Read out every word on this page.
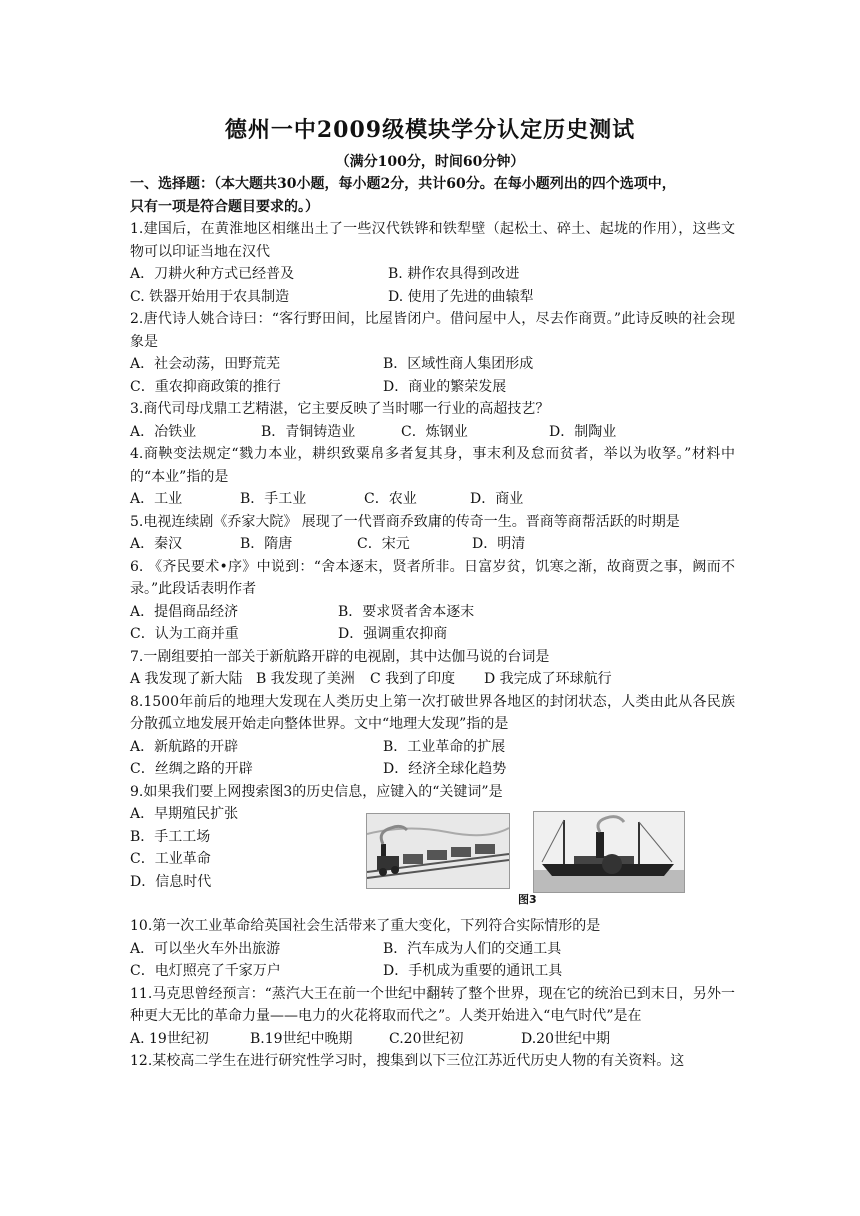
德州一中2009级模块学分认定历史测试
（满分100分，时间60分钟）
一、选择题：（本大题共30小题，每小题2分，共计60分。在每小题列出的四个选项中，
只有一项是符合题目要求的。）
1.建国后，在黄淮地区相继出土了一些汉代铁铧和铁犁壁（起松土、碎土、起垅的作用），这些文物可以印证当地在汉代
A．刀耕火种方式已经普及	B. 耕作农具得到改进
C. 铁器开始用于农具制造	D. 使用了先进的曲辕犁
2.唐代诗人姚合诗曰：“客行野田间，比屋皆闭户。借问屋中人，尽去作商贾。”此诗反映的社会现象是
A．社会动荡，田野荒芜	B．区域性商人集团形成
C．重农抑商政策的推行	D．商业的繁荣发展
3.商代司母戊鼎工艺精湛，它主要反映了当时哪一行业的高超技艺？
A．冶铁业	B．青铜铸造业	C．炼钢业	D．制陶业
4.商鞅变法规定“戮力本业，耕织致粟帛多者复其身，事末利及怠而贫者，举以为收孥。”材料中的“本业”指的是
A．工业	B．手工业	C．农业	D．商业
5.电视连续剧《乔家大院》 展现了一代晋商乔致庸的传奇一生。晋商等商帮活跃的时期是
A．秦汉	B．隋唐	C．宋元	D．明清
6. 《齐民要术•序》中说到：“舍本逐末，贤者所非。日富岁贫，饥寒之渐，故商贾之事，阙而不录。”此段话表明作者
A．提倡商品经济	B．要求贤者舍本逐末
C．认为工商并重	D．强调重农抑商
7.一剧组要拍一部关于新航路开辟的电视剧，其中达伽马说的台词是
A 我发现了新大陆 B 我发现了美洲	C 我到了印度	D 我完成了环球航行
8.1500年前后的地理大发现在人类历史上第一次打破世界各地区的封闭状态，人类由此从各民族分散孤立地发展开始走向整体世界。文中“地理大发现”指的是
A．新航路的开辟	B．工业革命的扩展
C．丝绸之路的开辟	D．经济全球化趋势
9.如果我们要上网搜索图3的历史信息，应键入的“关键词”是
A．早期殖民扩张
B．手工工场
C．工业革命
D．信息时代
图3
10.第一次工业革命给英国社会生活带来了重大变化，下列符合实际情形的是
A．可以坐火车外出旅游	B．汽车成为人们的交通工具
C．电灯照亮了千家万户	D．手机成为重要的通讯工具
11.马克思曾经预言：“蒸汽大王在前一个世纪中翻转了整个世界，现在它的统治已到末日，另外一种更大无比的革命力量——电力的火花将取而代之”。人类开始进入“电气时代”是在
A. 19世纪初	B.19世纪中晚期	C.20世纪初	D.20世纪中期
12.某校高二学生在进行研究性学习时，搜集到以下三位江苏近代历史人物的有关资料。这
